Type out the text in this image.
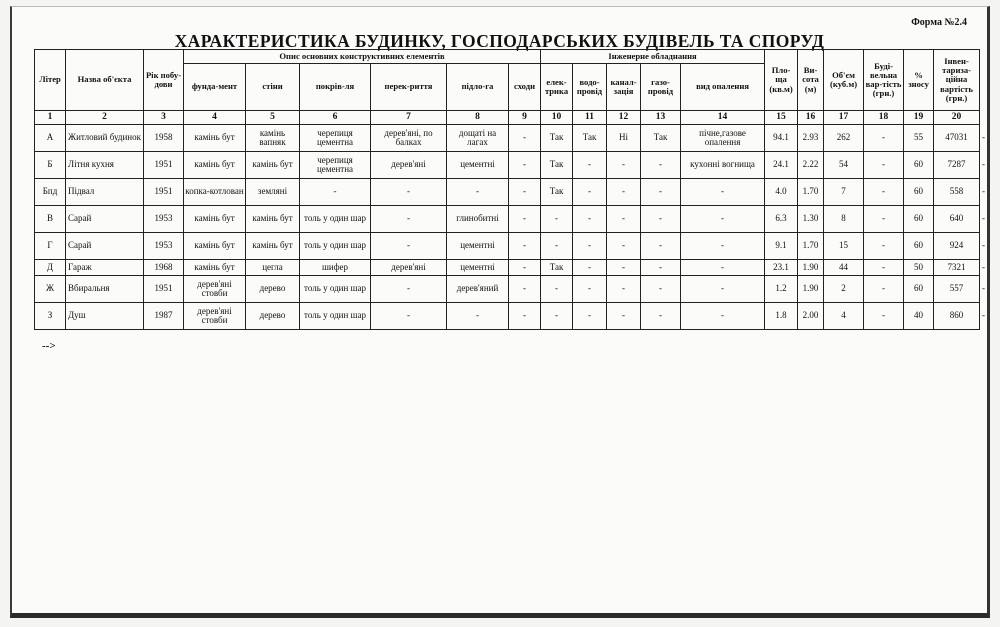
Форма №2.4
ХАРАКТЕРИСТИКА БУДИНКУ, ГОСПОДАРСЬКИХ БУДІВЕЛЬ ТА СПОРУД
Літер	Назва об'єкта	Рік побу-дови	Опис основних конструктивних елементів						Інженерне обладнання					Пло-ща (кв.м)	Ви-сота (м)	Об'єм (куб.м)	Буді-вельна вар-тість (грн.)	% зносу	Інвен-тариза-ційна вартість (грн.)	
			фунда-мент	стіни	покрів-ля	перек-риття	підло-га	сходи	елек-трика	водо-провід	канал-зація	газо-провід	вид опалення							
1	2	3	4	5	6	7	8	9	10	11	12	13	14	15	16	17	18	19	20	
А	Житловий будинок	1958	камінь бут	камінь вапняк	черепиця цементна	дерев'яні, по балках	дощаті на лагах	-	Так	Так	Ні	Так	пічне,газове опалення	94.1	2.93	262	-	55	47031	-
Б	Літня кухня	1951	камінь бут	камінь бут	черепиця цементна	дерев'яні	цементні	-	Так	-	-	-	кухонні вогнища	24.1	2.22	54	-	60	7287	-
Бпд	Підвал	1951	копка-котлован	земляні	-	-	-	-	Так	-	-	-	-	4.0	1.70	7	-	60	558	-
В	Сарай	1953	камінь бут	камінь бут	толь у один шар	-	глинобитні	-	-	-	-	-	-	6.3	1.30	8	-	60	640	-
Г	Сарай	1953	камінь бут	камінь бут	толь у один шар	-	цементні	-	-	-	-	-	-	9.1	1.70	15	-	60	924	-
Д	Гараж	1968	камінь бут	цегла	шифер	дерев'яні	цементні	-	Так	-	-	-	-	23.1	1.90	44	-	50	7321	-
Ж	Вбиральня	1951	дерев'яні стовби	дерево	толь у один шар	-	дерев'яний	-	-	-	-	-	-	1.2	1.90	2	-	60	557	-
З	Душ	1987	дерев'яні стовби	дерево	толь у один шар	-	-	-	-	-	-	-	-	1.8	2.00	4	-	40	860	-
-->
